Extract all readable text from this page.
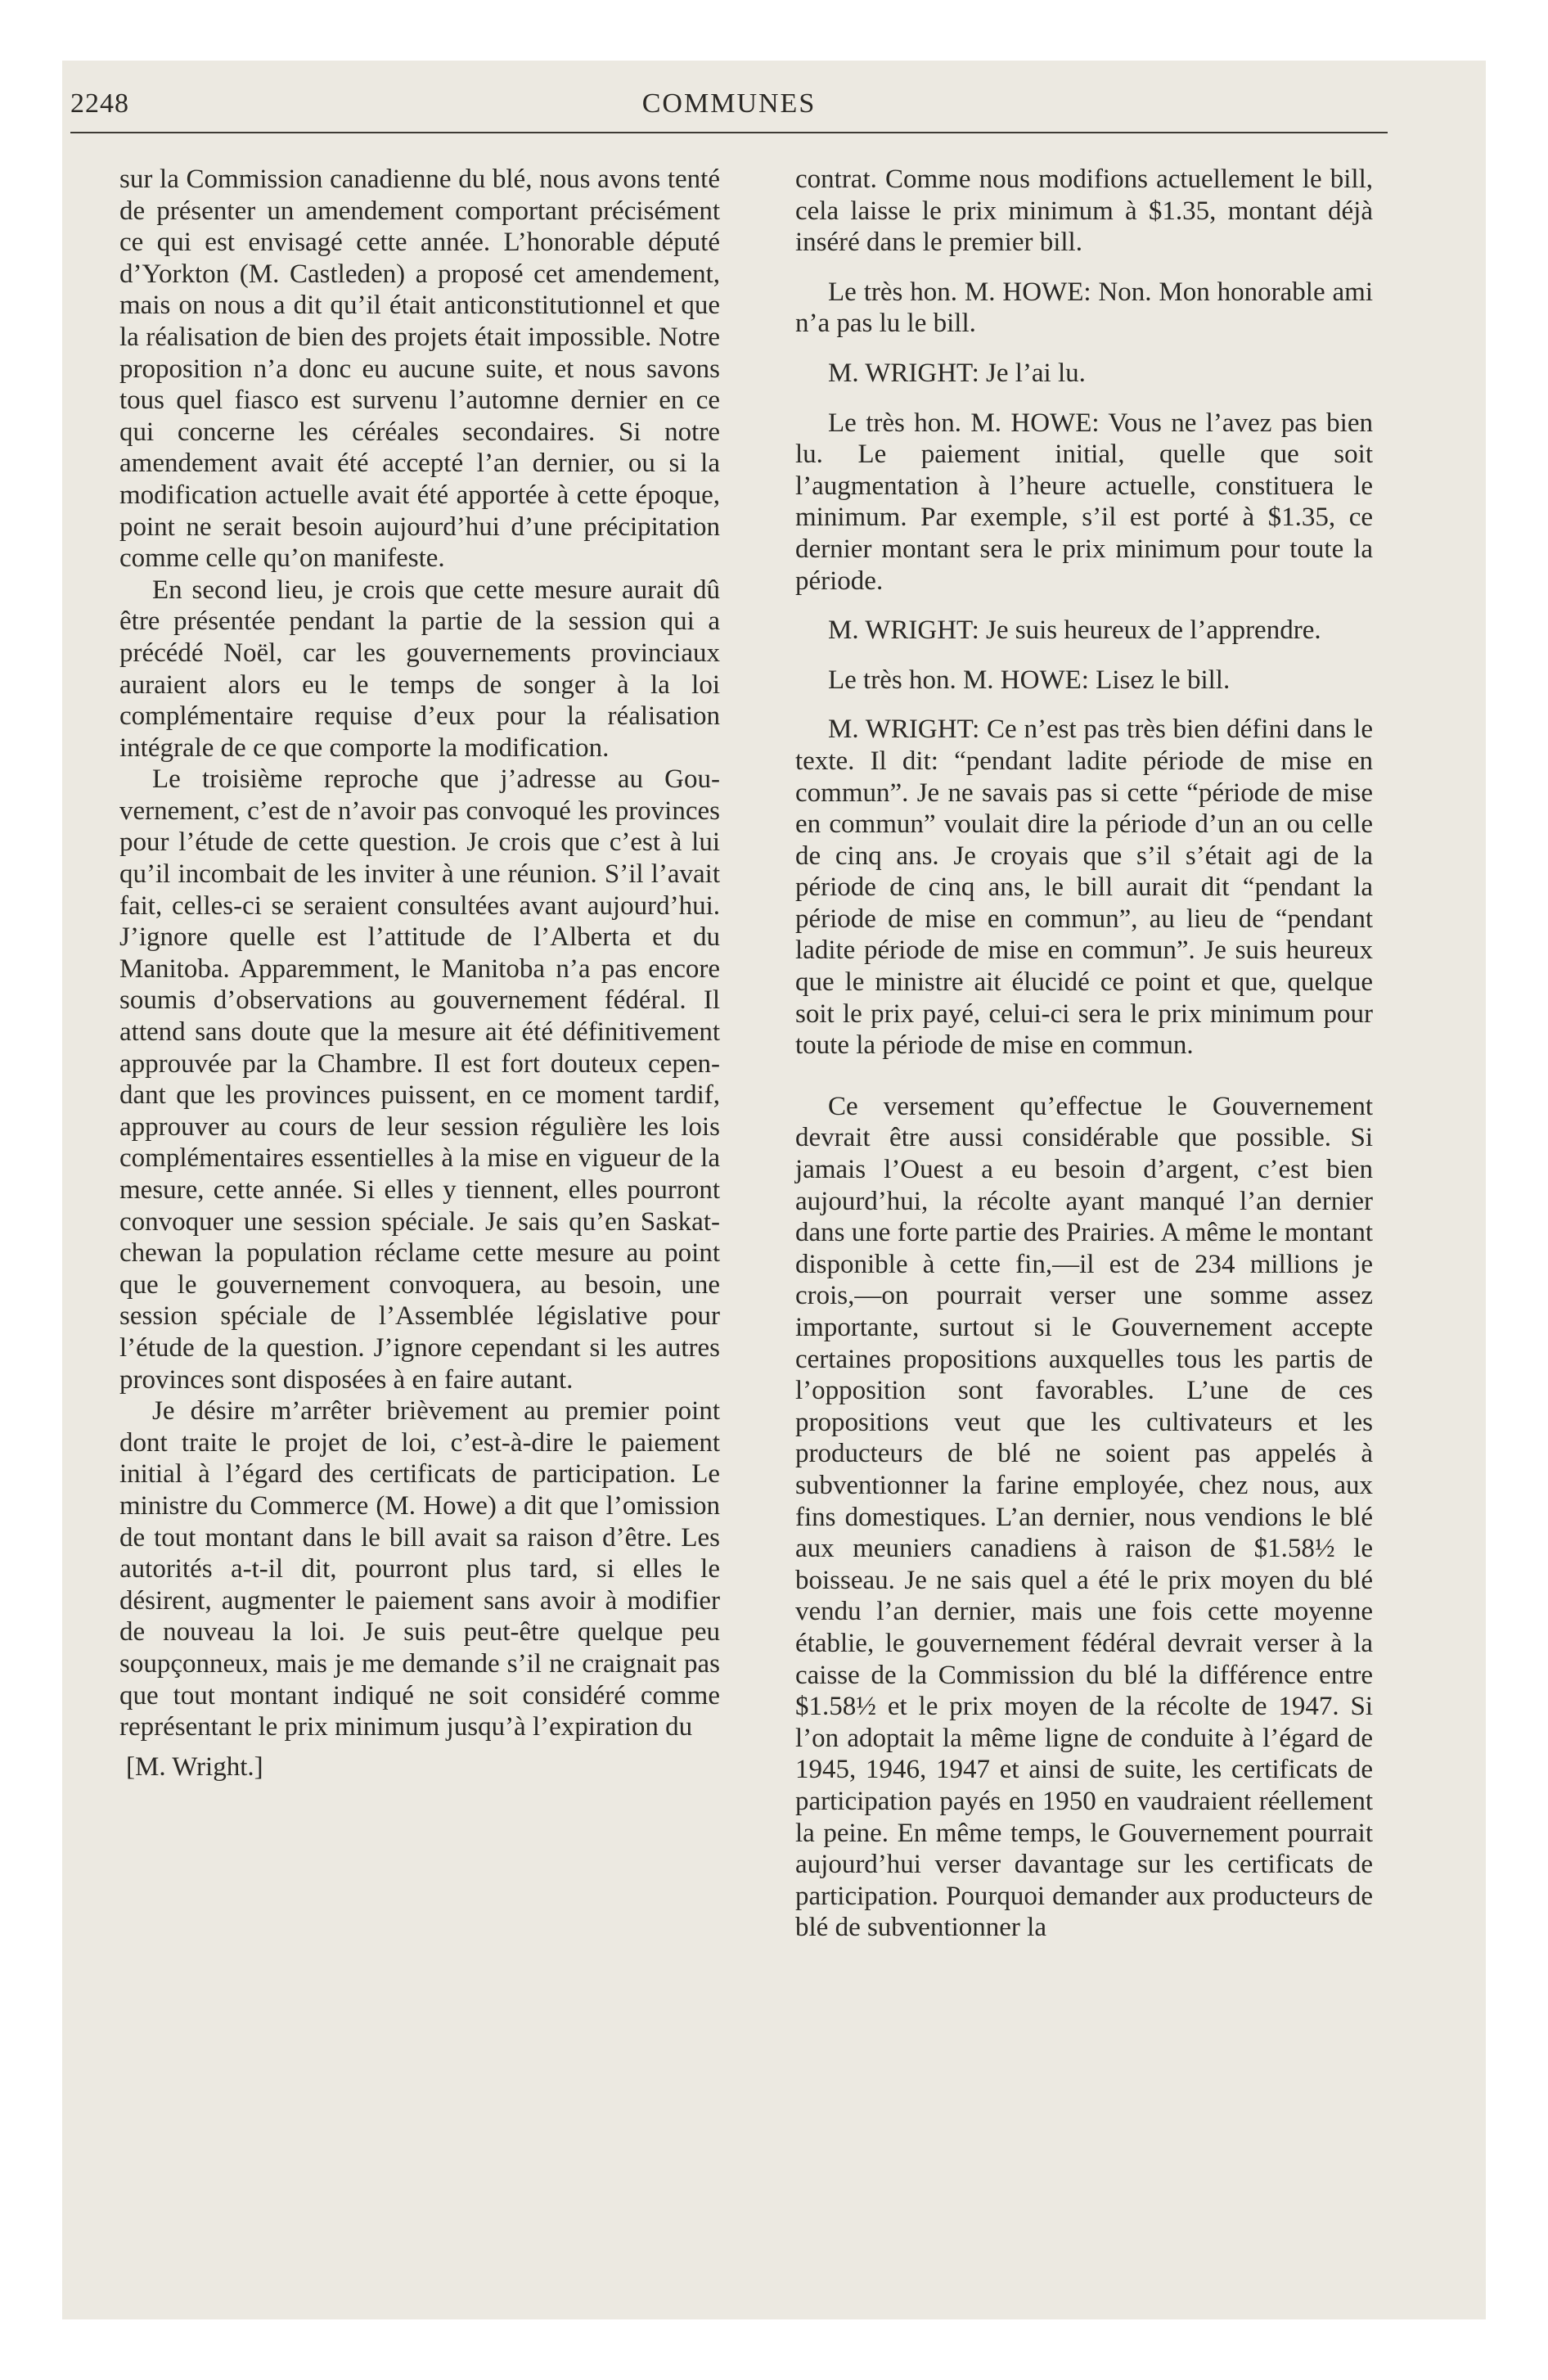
2248	COMMUNES

sur la Commission canadienne du blé, nous avons tenté de présenter un amendement comportant précisément ce qui est envisagé cette année. L’honorable député d’Yorkton (M. Castleden) a proposé cet amendement, mais on nous a dit qu’il était anticonstitutionnel et que la réalisation de bien des projets était impossible. Notre proposition n’a donc eu aucune suite, et nous savons tous quel fiasco est survenu l’automne dernier en ce qui concerne les céréales secondaires. Si notre amendement avait été accepté l’an dernier, ou si la modification actuelle avait été apportée à cette époque, point ne serait besoin aujourd’hui d’une précipitation comme celle qu’on manifeste.

En second lieu, je crois que cette mesure aurait dû être présentée pendant la partie de la session qui a précédé Noël, car les gouvernements provinciaux auraient alors eu le temps de songer à la loi complémentaire requise d’eux pour la réalisation intégrale de ce que comporte la modification.

Le troisième reproche que j’adresse au Gouvernement, c’est de n’avoir pas convoqué les provinces pour l’étude de cette question. Je crois que c’est à lui qu’il incombait de les inviter à une réunion. S’il l’avait fait, celles-ci se seraient consultées avant aujourd’hui. J’ignore quelle est l’attitude de l’Alberta et du Manitoba. Apparemment, le Manitoba n’a pas encore soumis d’observations au gouvernement fédéral. Il attend sans doute que la mesure ait été définitivement approuvée par la Chambre. Il est fort douteux cependant que les provinces puissent, en ce moment tardif, approuver au cours de leur session régulière les lois complémentaires essentielles à la mise en vigueur de la mesure, cette année. Si elles y tiennent, elles pourront convoquer une session spéciale. Je sais qu’en Saskatchewan la population réclame cette mesure au point que le gouvernement convoquera, au besoin, une session spéciale de l’Assemblée législative pour l’étude de la question. J’ignore cependant si les autres provinces sont disposées à en faire autant.

Je désire m’arrêter brièvement au premier point dont traite le projet de loi, c’est-à-dire le paiement initial à l’égard des certificats de participation. Le ministre du Commerce (M. Howe) a dit que l’omission de tout montant dans le bill avait sa raison d’être. Les autorités a-t-il dit, pourront plus tard, si elles le désirent, augmenter le paiement sans avoir à modifier de nouveau la loi. Je suis peut-être quelque peu soupçonneux, mais je me demande s’il ne craignait pas que tout montant indiqué ne soit considéré comme représentant le prix minimum jusqu’à l’expiration du

[M. Wright.]

contrat. Comme nous modifions actuellement le bill, cela laisse le prix minimum à $1.35, montant déjà inséré dans le premier bill.

Le très hon. M. HOWE: Non. Mon honorable ami n’a pas lu le bill.

M. WRIGHT: Je l’ai lu.

Le très hon. M. HOWE: Vous ne l’avez pas bien lu. Le paiement initial, quelle que soit l’augmentation à l’heure actuelle, constituera le minimum. Par exemple, s’il est porté à $1.35, ce dernier montant sera le prix minimum pour toute la période.

M. WRIGHT: Je suis heureux de l’apprendre.

Le très hon. M. HOWE: Lisez le bill.

M. WRIGHT: Ce n’est pas très bien défini dans le texte. Il dit: “pendant ladite période de mise en commun”. Je ne savais pas si cette “période de mise en commun” voulait dire la période d’un an ou celle de cinq ans. Je croyais que s’il s’était agi de la période de cinq ans, le bill aurait dit “pendant la période de mise en commun”, au lieu de “pendant ladite période de mise en commun”. Je suis heureux que le ministre ait élucidé ce point et que, quelque soit le prix payé, celui-ci sera le prix minimum pour toute la période de mise en commun.

Ce versement qu’effectue le Gouvernement devrait être aussi considérable que possible. Si jamais l’Ouest a eu besoin d’argent, c’est bien aujourd’hui, la récolte ayant manqué l’an dernier dans une forte partie des Prairies. A même le montant disponible à cette fin,—il est de 234 millions je crois,—on pourrait verser une somme assez importante, surtout si le Gouvernement accepte certaines propositions auxquelles tous les partis de l’opposition sont favorables. L’une de ces propositions veut que les cultivateurs et les producteurs de blé ne soient pas appelés à subventionner la farine employée, chez nous, aux fins domestiques. L’an dernier, nous vendions le blé aux meuniers canadiens à raison de $1.58½ le boisseau. Je ne sais quel a été le prix moyen du blé vendu l’an dernier, mais une fois cette moyenne établie, le gouvernement fédéral devrait verser à la caisse de la Commission du blé la différence entre $1.58½ et le prix moyen de la récolte de 1947. Si l’on adoptait la même ligne de conduite à l’égard de 1945, 1946, 1947 et ainsi de suite, les certificats de participation payés en 1950 en vaudraient réellement la peine. En même temps, le Gouvernement pourrait aujourd’hui verser davantage sur les certificats de participation. Pourquoi demander aux producteurs de blé de subventionner la
